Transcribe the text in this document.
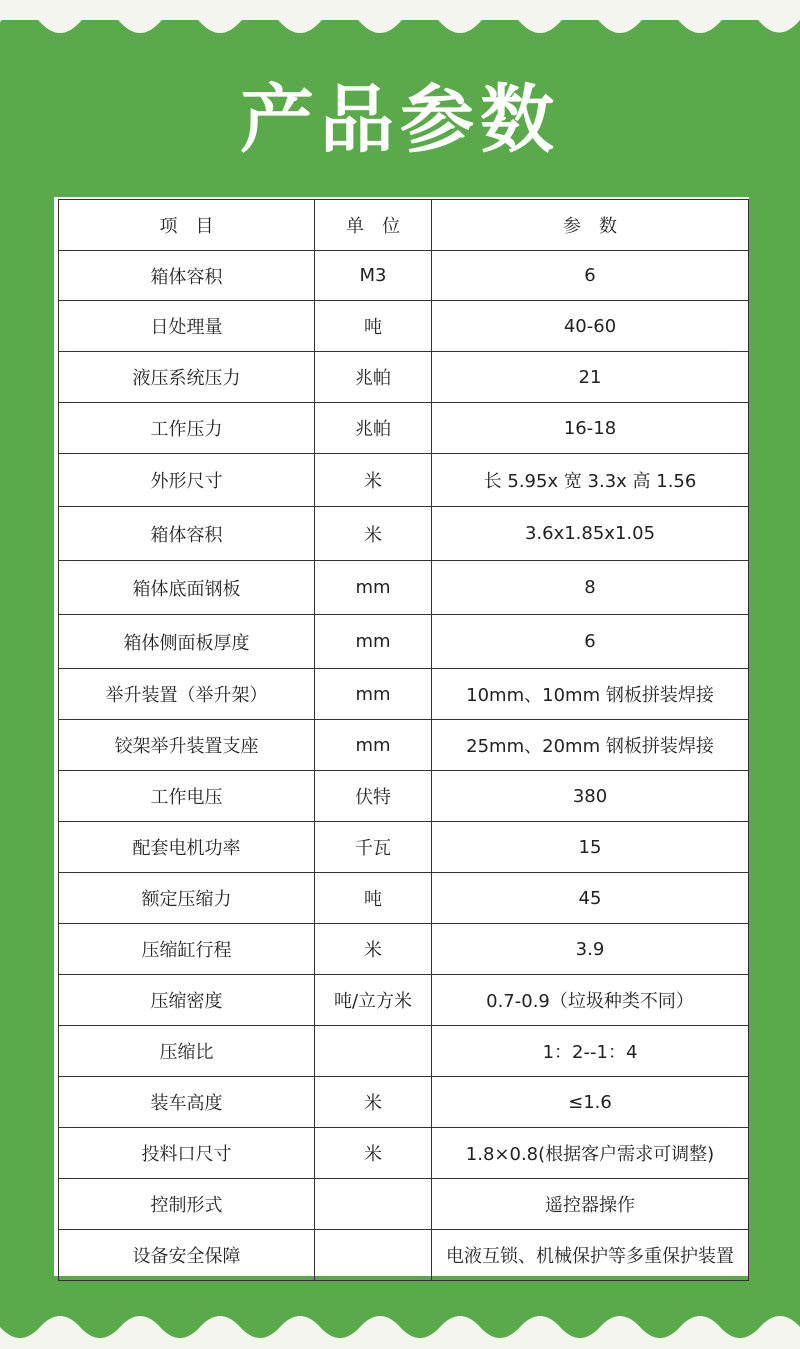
产品参数
项　目	单　位	参　数
箱体容积	M3	6
日处理量	吨	40-60
液压系统压力	兆帕	21
工作压力	兆帕	16-18
外形尺寸	米	长 5.95x 宽 3.3x 高 1.56
箱体容积	米	3.6x1.85x1.05
箱体底面钢板	mm	8
箱体侧面板厚度	mm	6
举升装置（举升架）	mm	10mm、10mm 钢板拼装焊接
铰架举升装置支座	mm	25mm、20mm 钢板拼装焊接
工作电压	伏特	380
配套电机功率	千瓦	15
额定压缩力	吨	45
压缩缸行程	米	3.9
压缩密度	吨/立方米	0.7-0.9（垃圾种类不同）
压缩比		1：2--1：4
装车高度	米	≤1.6
投料口尺寸	米	1.8×0.8(根据客户需求可调整)
控制形式		遥控器操作
设备安全保障		电液互锁、机械保护等多重保护装置
